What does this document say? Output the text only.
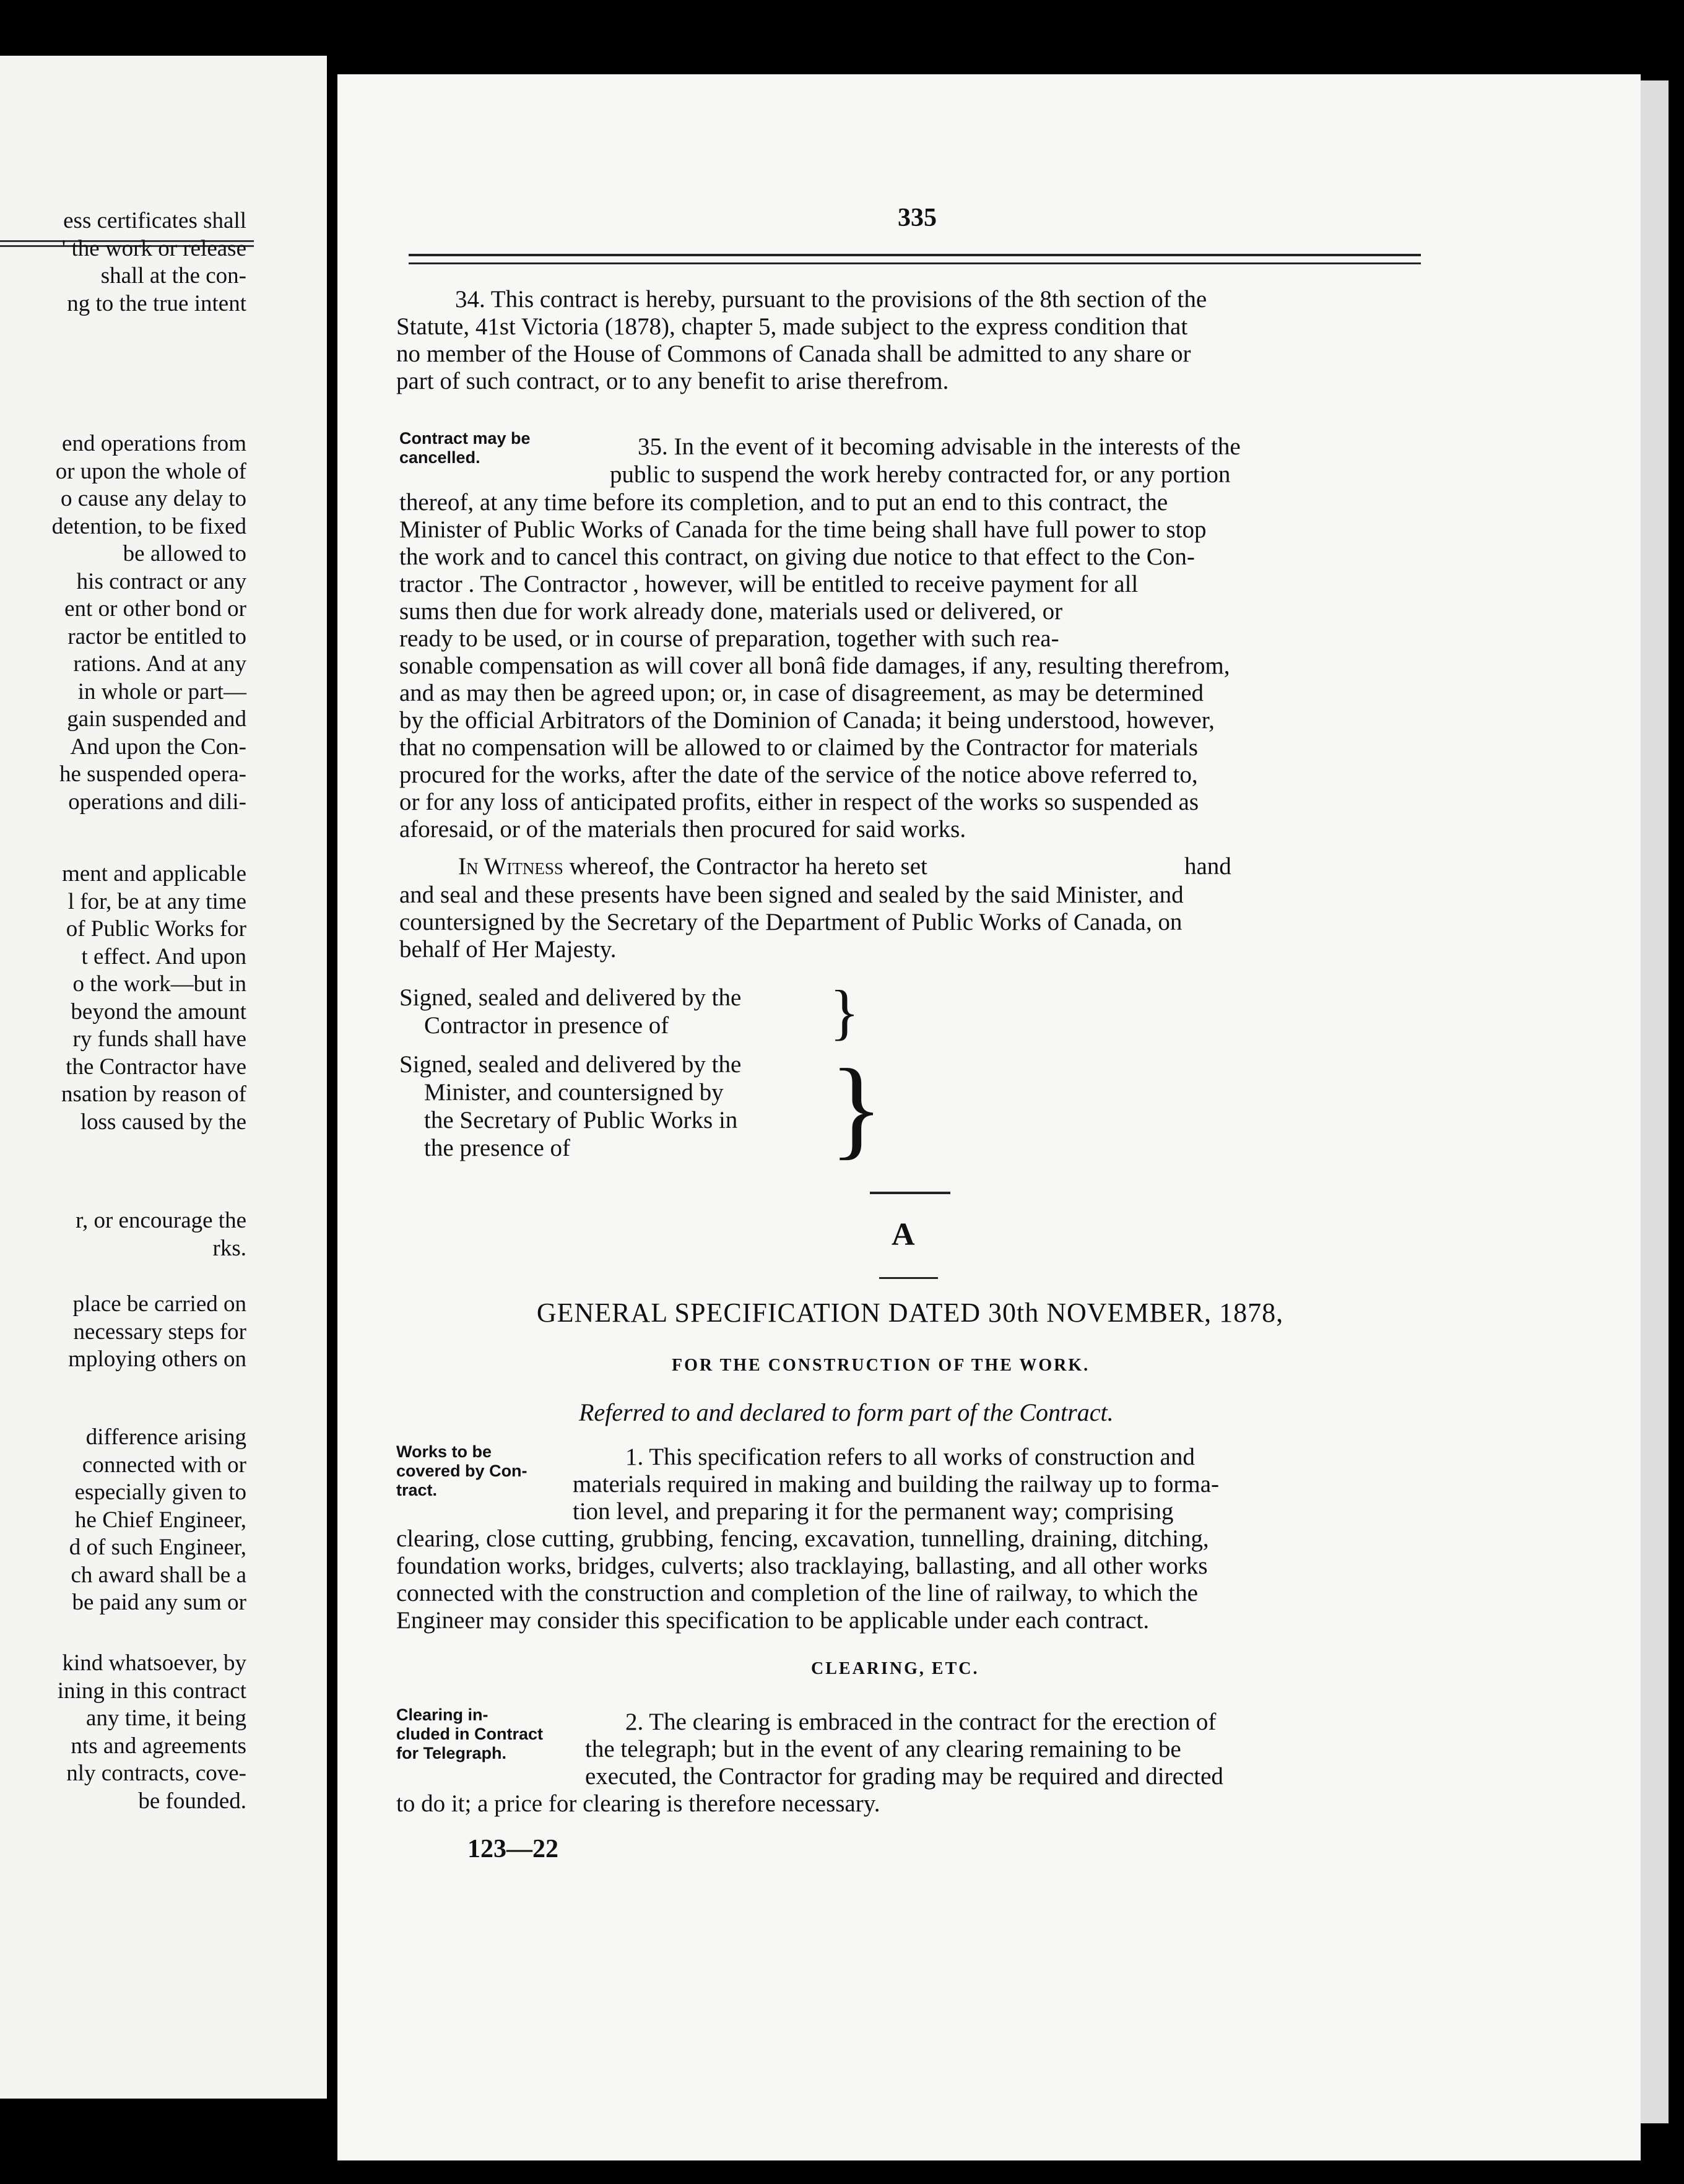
ess certificates shall
' the work or release
shall at the con-
ng to the true intent
end operations from
or upon the whole of
o cause any delay to
detention, to be fixed
be allowed to
his contract or any
ent or other bond or
ractor be entitled to
rations. And at any
in whole or part—
gain suspended and
And upon the Con-
he suspended opera-
operations and dili-
ment and applicable
l for, be at any time
of Public Works for
t effect. And upon
o the work—but in
beyond the amount
ry funds shall have
the Contractor have
nsation by reason of
loss caused by the
r, or encourage the
rks.
place be carried on
necessary steps for
mploying others on
difference arising
connected with or
especially given to
he Chief Engineer,
d of such Engineer,
ch award shall be a
be paid any sum or
kind whatsoever, by
ining in this contract
any time, it being
nts and agreements
nly contracts, cove-
be founded.
335
34. This contract is hereby, pursuant to the provisions of the 8th section of the
Statute, 41st Victoria (1878), chapter 5, made subject to the express condition that
no member of the House of Commons of Canada shall be admitted to any share or
part of such contract, or to any benefit to arise therefrom.
Contract may be
cancelled.	35. In the event of it becoming advisable in the interests of the
public to suspend the work hereby contracted for, or any portion
thereof, at any time before its completion, and to put an end to this contract, the
Minister of Public Works of Canada for the time being shall have full power to stop
the work and to cancel this contract, on giving due notice to that effect to the Con-
tractor . The Contractor , however, will be entitled to receive payment for all
sums then due for work already done, materials used or delivered, or
ready to be used, or in course of preparation, together with such rea-
sonable compensation as will cover all bonâ fide damages, if any, resulting therefrom,
and as may then be agreed upon; or, in case of disagreement, as may be determined
by the official Arbitrators of the Dominion of Canada; it being understood, however,
that no compensation will be allowed to or claimed by the Contractor for materials
procured for the works, after the date of the service of the notice above referred to,
or for any loss of anticipated profits, either in respect of the works so suspended as
aforesaid, or of the materials then procured for said works.
In Witness whereof, the Contractor ha hereto set	hand
and seal and these presents have been signed and sealed by the said Minister, and
countersigned by the Secretary of the Department of Public Works of Canada, on
behalf of Her Majesty.
Signed, sealed and delivered by the
Contractor in presence of	}
Signed, sealed and delivered by the
Minister, and countersigned by
the Secretary of Public Works in
the presence of }
A
GENERAL SPECIFICATION DATED 30th NOVEMBER, 1878,
FOR THE CONSTRUCTION OF THE WORK.
Referred to and declared to form part of the Contract.
Works to be
covered by Con-
tract.
1. This specification refers to all works of construction and
materials required in making and building the railway up to forma-
tion level, and preparing it for the permanent way; comprising
clearing, close cutting, grubbing, fencing, excavation, tunnelling, draining, ditching,
foundation works, bridges, culverts; also tracklaying, ballasting, and all other works
connected with the construction and completion of the line of railway, to which the
Engineer may consider this specification to be applicable under each contract.
CLEARING, ETC.
Clearing in-
cluded in Contract
for Telegraph.
2. The clearing is embraced in the contract for the erection of
the telegraph; but in the event of any clearing remaining to be
executed, the Contractor for grading may be required and directed
to do it; a price for clearing is therefore necessary.
123—22
